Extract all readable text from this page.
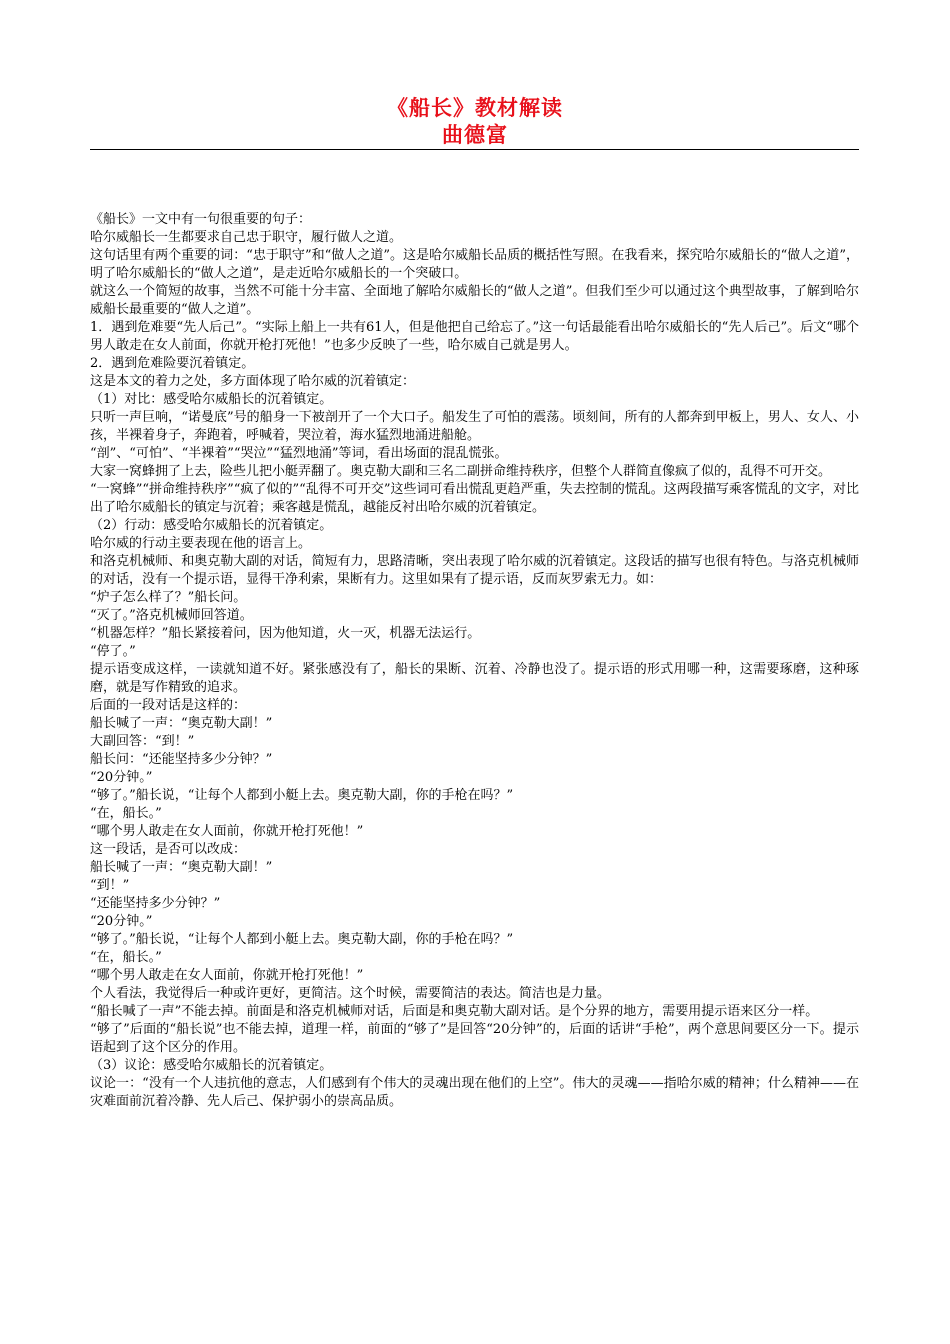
《船长》教材解读
曲德富

《船长》一文中有一句很重要的句子：

哈尔威船长一生都要求自己忠于职守，履行做人之道。

这句话里有两个重要的词：“忠于职守”和“做人之道”。这是哈尔威船长品质的概括性写照。在我看来，探究哈尔威船长的“做人之道”，明了哈尔威船长的“做人之道”，是走近哈尔威船长的一个突破口。

就这么一个简短的故事，当然不可能十分丰富、全面地了解哈尔威船长的“做人之道”。但我们至少可以通过这个典型故事，了解到哈尔威船长最重要的“做人之道”。

1．遇到危难要“先人后己”。“实际上船上一共有61人，但是他把自己给忘了。”这一句话最能看出哈尔威船长的“先人后己”。后文“哪个男人敢走在女人前面，你就开枪打死他！”也多少反映了一些，哈尔威自己就是男人。

2．遇到危难险要沉着镇定。

这是本文的着力之处，多方面体现了哈尔威的沉着镇定：

（1）对比：感受哈尔威船长的沉着镇定。

只听一声巨响，“诺曼底”号的船身一下被剖开了一个大口子。船发生了可怕的震荡。顷刻间，所有的人都奔到甲板上，男人、女人、小孩，半裸着身子，奔跑着，呼喊着，哭泣着，海水猛烈地涌进船舱。

“剖”、“可怕”、“半裸着”“哭泣”“猛烈地涌”等词，看出场面的混乱慌张。

大家一窝蜂拥了上去，险些儿把小艇弄翻了。奥克勒大副和三名二副拼命维持秩序，但整个人群简直像疯了似的，乱得不可开交。

“一窝蜂”“拼命维持秩序”“疯了似的”“乱得不可开交”这些词可看出慌乱更趋严重，失去控制的慌乱。这两段描写乘客慌乱的文字，对比出了哈尔威船长的镇定与沉着；乘客越是慌乱，越能反衬出哈尔威的沉着镇定。

（2）行动：感受哈尔威船长的沉着镇定。

哈尔威的行动主要表现在他的语言上。

和洛克机械师、和奥克勒大副的对话，简短有力，思路清晰，突出表现了哈尔威的沉着镇定。这段话的描写也很有特色。与洛克机械师的对话，没有一个提示语，显得干净利索，果断有力。这里如果有了提示语，反而灰罗索无力。如：

“炉子怎么样了？”船长问。

“灭了。”洛克机械师回答道。

“机器怎样？”船长紧接着问，因为他知道，火一灭，机器无法运行。

“停了。”

提示语变成这样，一读就知道不好。紧张感没有了，船长的果断、沉着、冷静也没了。提示语的形式用哪一种，这需要琢磨，这种琢磨，就是写作精致的追求。

后面的一段对话是这样的：

船长喊了一声：“奥克勒大副！”

大副回答：“到！”

船长问：“还能坚持多少分钟？”

“20分钟。”

“够了。”船长说，“让每个人都到小艇上去。奥克勒大副，你的手枪在吗？”

“在，船长。”

“哪个男人敢走在女人面前，你就开枪打死他！”

这一段话，是否可以改成：

船长喊了一声：“奥克勒大副！”

“到！”

“还能坚持多少分钟？”

“20分钟。”

“够了。”船长说，“让每个人都到小艇上去。奥克勒大副，你的手枪在吗？”

“在，船长。”

“哪个男人敢走在女人面前，你就开枪打死他！”

个人看法，我觉得后一种或许更好，更简洁。这个时候，需要简洁的表达。简洁也是力量。

“船长喊了一声”不能去掉。前面是和洛克机械师对话，后面是和奥克勒大副对话。是个分界的地方，需要用提示语来区分一样。

“够了”后面的“船长说”也不能去掉，道理一样，前面的“够了”是回答“20分钟”的，后面的话讲“手枪”，两个意思间要区分一下。提示语起到了这个区分的作用。

（3）议论：感受哈尔威船长的沉着镇定。

议论一：“没有一个人违抗他的意志，人们感到有个伟大的灵魂出现在他们的上空”。伟大的灵魂——指哈尔威的精神；什么精神——在灾难面前沉着冷静、先人后己、保护弱小的崇高品质。
